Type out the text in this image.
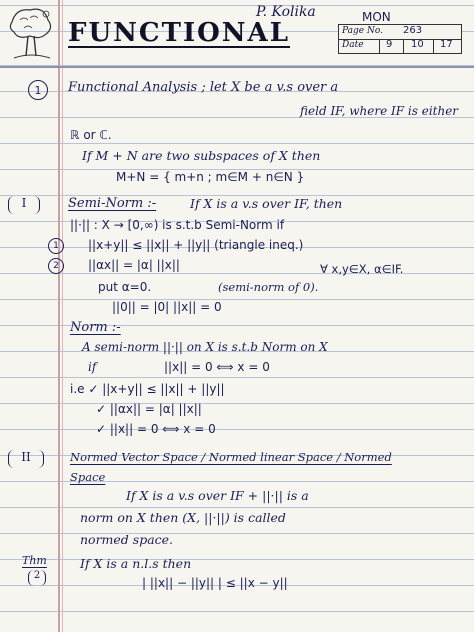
FUNCTIONAL
P. Kolika	MON
Page No. 263
Date 9 10 17
1	Functional Analysis ; let X be a v.s over a
field IF, where IF is either
ℝ or ℂ.
If M + N are two subspaces of X then
M+N = { m+n ; m∈M + n∈N }
I	Semi-Norm :-	If X is a v.s over IF, then
||·|| : X → [0,∞) is s.t.b Semi-Norm if
1	||x+y|| ≤ ||x|| + ||y|| (triangle ineq.)
2	||αx|| = |α| ||x||	∀ x,y∈X, α∈IF.
put α=0.	(semi-norm of 0).
||0|| = |0| ||x|| = 0
Norm :-
A semi-norm ||·|| on X is s.t.b Norm on X
if	||x|| = 0 ⟺ x = 0
i.e ✓ ||x+y|| ≤ ||x|| + ||y||
✓ ||αx|| = |α| ||x||
✓ ||x|| = 0 ⟺ x = 0
II	Normed Vector Space / Normed linear Space / Normed
Space
If X is a v.s over IF + ||·|| is a
norm on X then (X, ||·||) is called
normed space.
Thm
2
If X is a n.l.s then
| ||x|| − ||y|| | ≤ ||x − y||
